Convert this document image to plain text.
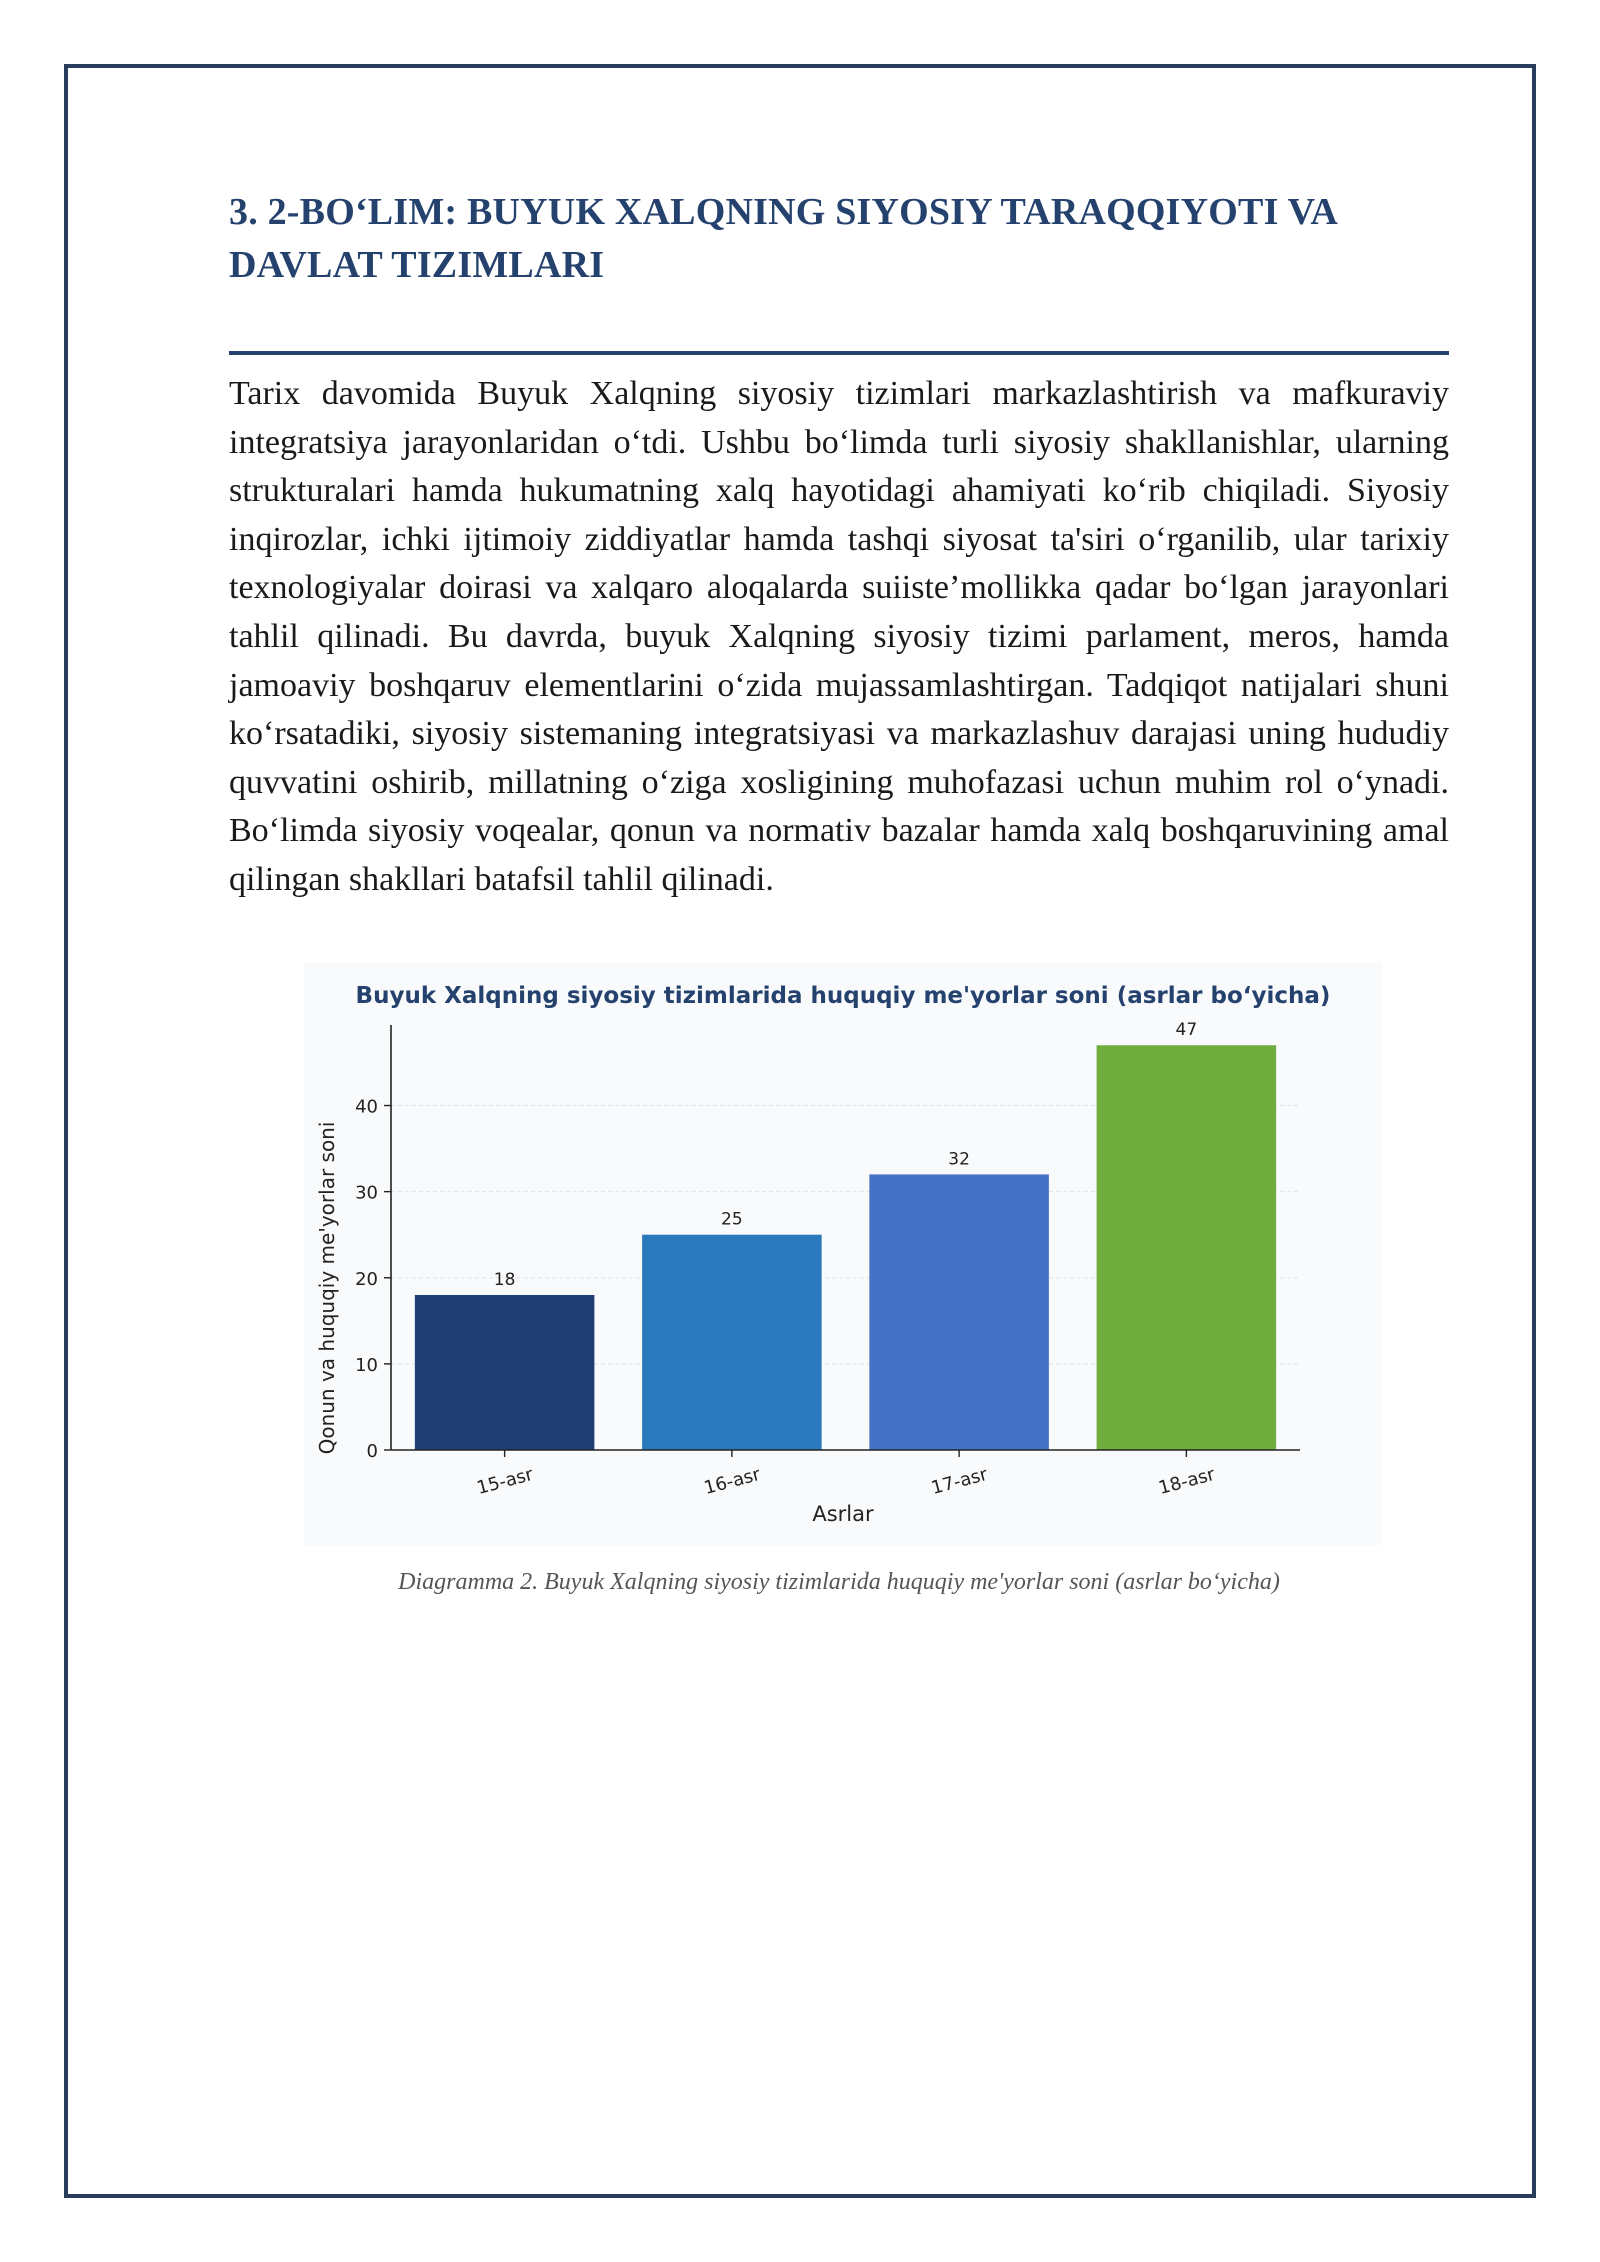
3. 2-BO‘LIM: BUYUK XALQNING SIYOSIY TARAQQIYOTI VA DAVLAT TIZIMLARI

Tarix davomida Buyuk Xalqning siyosiy tizimlari markazlashtirish va mafkuraviy integratsiya jarayonlaridan o‘tdi. Ushbu bo‘limda turli siyosiy shakllanishlar, ularning strukturalari hamda hukumatning xalq hayotidagi ahamiyati ko‘rib chiqiladi. Siyosiy inqirozlar, ichki ijtimoiy ziddiyatlar hamda tashqi siyosat ta'siri o‘rganilib, ular tarixiy texnologiyalar doirasi va xalqaro aloqalarda suiiste’mollikka qadar bo‘lgan jarayonlari tahlil qilinadi. Bu davrda, buyuk Xalqning siyosiy tizimi parlament, meros, hamda jamoaviy boshqaruv elementlarini o‘zida mujassamlashtirgan. Tadqiqot natijalari shuni ko‘rsatadiki, siyosiy sistemaning integratsiyasi va markazlashuv darajasi uning hududiy quvvatini oshirib, millatning o‘ziga xosligining muhofazasi uchun muhim rol o‘ynadi. Bo‘limda siyosiy voqealar, qonun va normativ bazalar hamda xalq boshqaruvining amal qilingan shakllari batafsil tahlil qilinadi.

Buyuk Xalqning siyosiy tizimlarida huquqiy me'yorlar soni (asrlar bo‘yicha)
0
10
20
30
40
15-asr	16-asr	17-asr	18-asr
18
25
32
47
Asrlar
Qonun va huquqiy me'yorlar soni

Diagramma 2. Buyuk Xalqning siyosiy tizimlarida huquqiy me'yorlar soni (asrlar bo‘yicha)
